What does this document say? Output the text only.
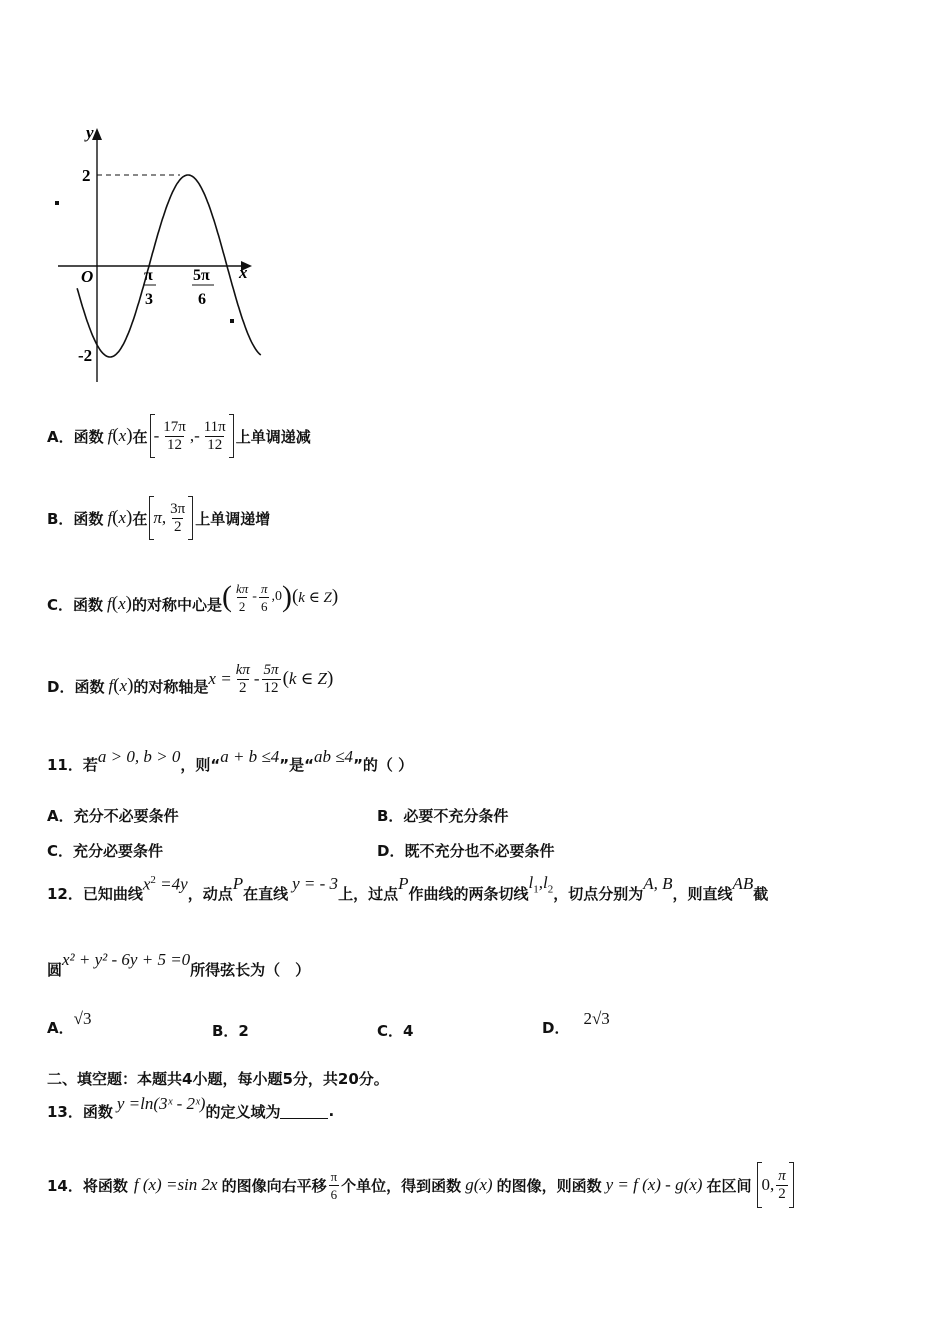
y
x
O
2
-2
π
3
5π
6
A．函数 f ( x ) 在 - $\frac{17\pi}{12}$ , - $\frac{11\pi}{12}$ 上单调递减
B．函数 f ( x ) 在 π , $\frac{3\pi}{2}$ 上单调递增
C．函数 f ( x ) 的对称中心是 ( $\frac{k\pi}{2} - \frac{\pi}{6} ,0$ ) ( k ∈ Z )
D．函数 f ( x ) 的对称轴是 $x = \frac{k\pi}{2} - \frac{5\pi}{12}$ ( k ∈ Z )
11．若 a > 0, b > 0 ，则“ a + b ≤4 ”是“ ab ≤4 ”的（ ）
A．充分不必要条件	B．必要不充分条件
C．充分必要条件	D．既不充分也不必要条件
12．已知曲线
$x^2 =4y$
，动点
P
在直线
y = - 3
上，过点
P
作曲线的两条切线
$l_1,l_2$ ，切点分别为
A, B
，则直线
AB
截
圆
x² + y² - 6y + 5 =0
所得弦长为（　）
A． √3
B．2	C．4	D． 2√3
二、填空题：本题共4小题，每小题5分，共20分。
13．函数 y =ln(3ˣ - 2ˣ) 的定义域为	.
14．将函数 f (x) =sin 2x 的图像向右平移 $\frac{\pi}{6}$ 个单位，得到函数 g(x) 的图像，则函数 y = f (x) - g(x) 在区间 0, $\frac{\pi}{2}$
